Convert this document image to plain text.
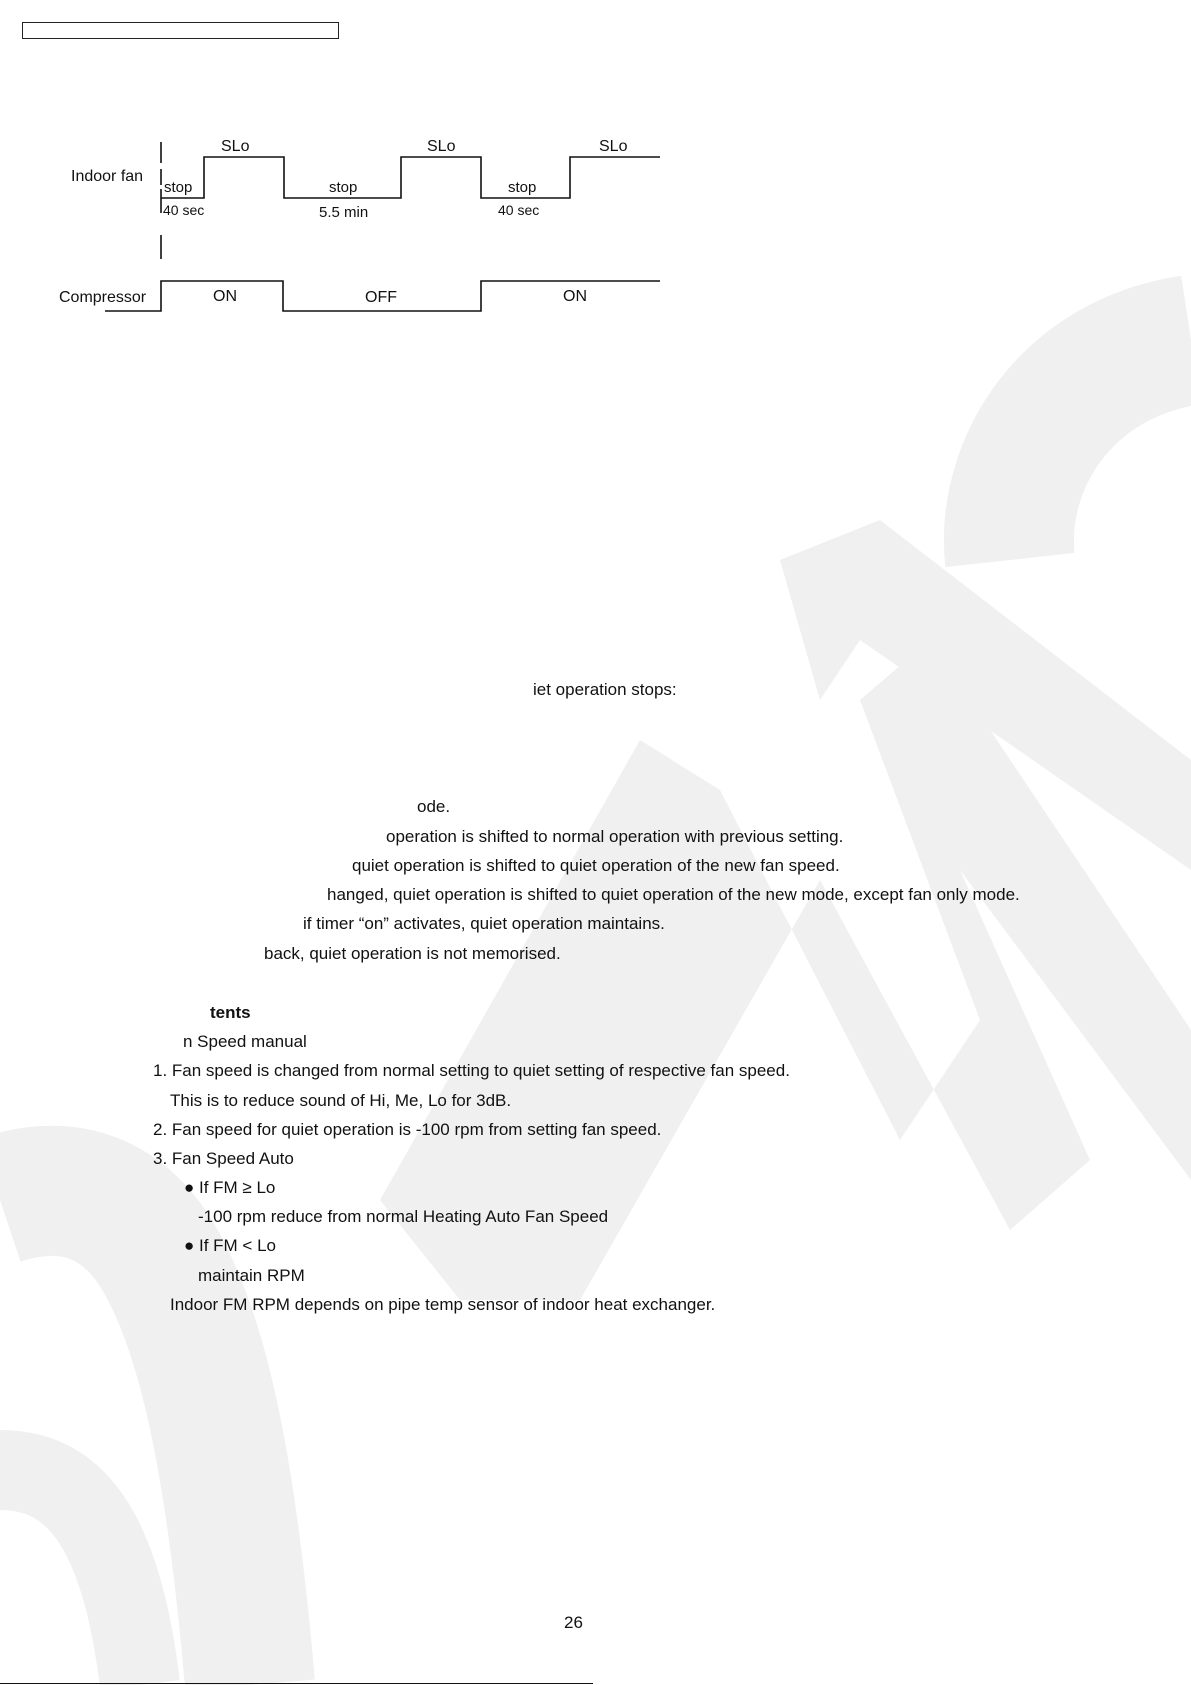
Indoor fan
Compressor
SLo	SLo	SLo
stop	stop	stop
40 sec	5.5 min	40 sec
ON	OFF	ON
iet operation stops:
ode.
operation is shifted to normal operation with previous setting.
quiet operation is shifted to quiet operation of the new fan speed.
hanged, quiet operation is shifted to quiet operation of the new mode, except fan only mode.
if timer “on” activates, quiet operation maintains.
back, quiet operation is not memorised.
tents
n Speed manual
1. Fan speed is changed from normal setting to quiet setting of respective fan speed.
This is to reduce sound of Hi, Me, Lo for 3dB.
2. Fan speed for quiet operation is -100 rpm from setting fan speed.
3. Fan Speed Auto
● If FM ≥ Lo
-100 rpm reduce from normal Heating Auto Fan Speed
● If FM < Lo
maintain RPM
Indoor FM RPM depends on pipe temp sensor of indoor heat exchanger.
26
